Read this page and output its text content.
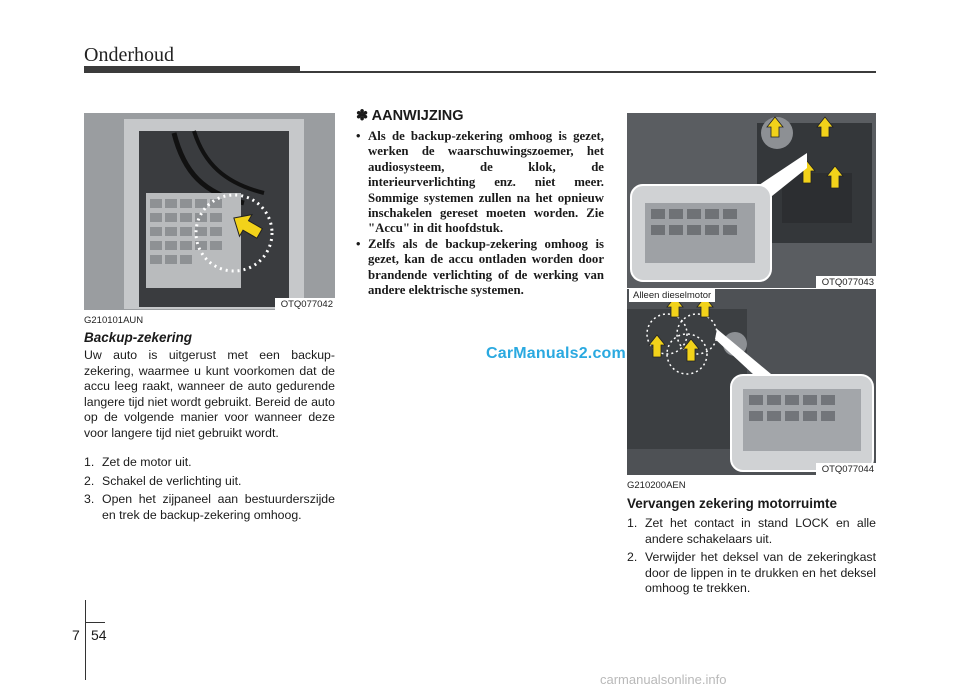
Onderhoud
OTQ077042
G210101AUN
Backup-zekering
Uw auto is uitgerust met een backup-zekering, waarmee u kunt voorkomen dat de accu leeg raakt, wanneer de auto gedurende langere tijd niet wordt gebruikt. Bereid de auto op de volgende manier voor wanneer deze voor langere tijd niet gebruikt wordt.
1. Zet de motor uit.
2. Schakel de verlichting uit.
3. Open het zijpaneel aan bestuurderszijde en trek de backup-zekering omhoog.
✽ AANWIJZING
• Als de backup-zekering omhoog is gezet, werken de waarschuwingszoemer, het audiosysteem, de klok, de interieurverlichting enz. niet meer. Sommige systemen zullen na het opnieuw inschakelen gereset moeten worden. Zie "Accu" in dit hoofdstuk.
• Zelfs als de backup-zekering omhoog is gezet, kan de accu ontladen worden door brandende verlichting of de werking van andere elektrische systemen.
OTQ077043
Alleen dieselmotor
OTQ077044
G210200AEN
Vervangen zekering motorruimte
1. Zet het contact in stand LOCK en alle andere schakelaars uit.
2. Verwijder het deksel van de zekeringkast door de lippen in te drukken en het deksel omhoog te trekken.
CarManuals2.com
7 54
carmanualsonline.info
